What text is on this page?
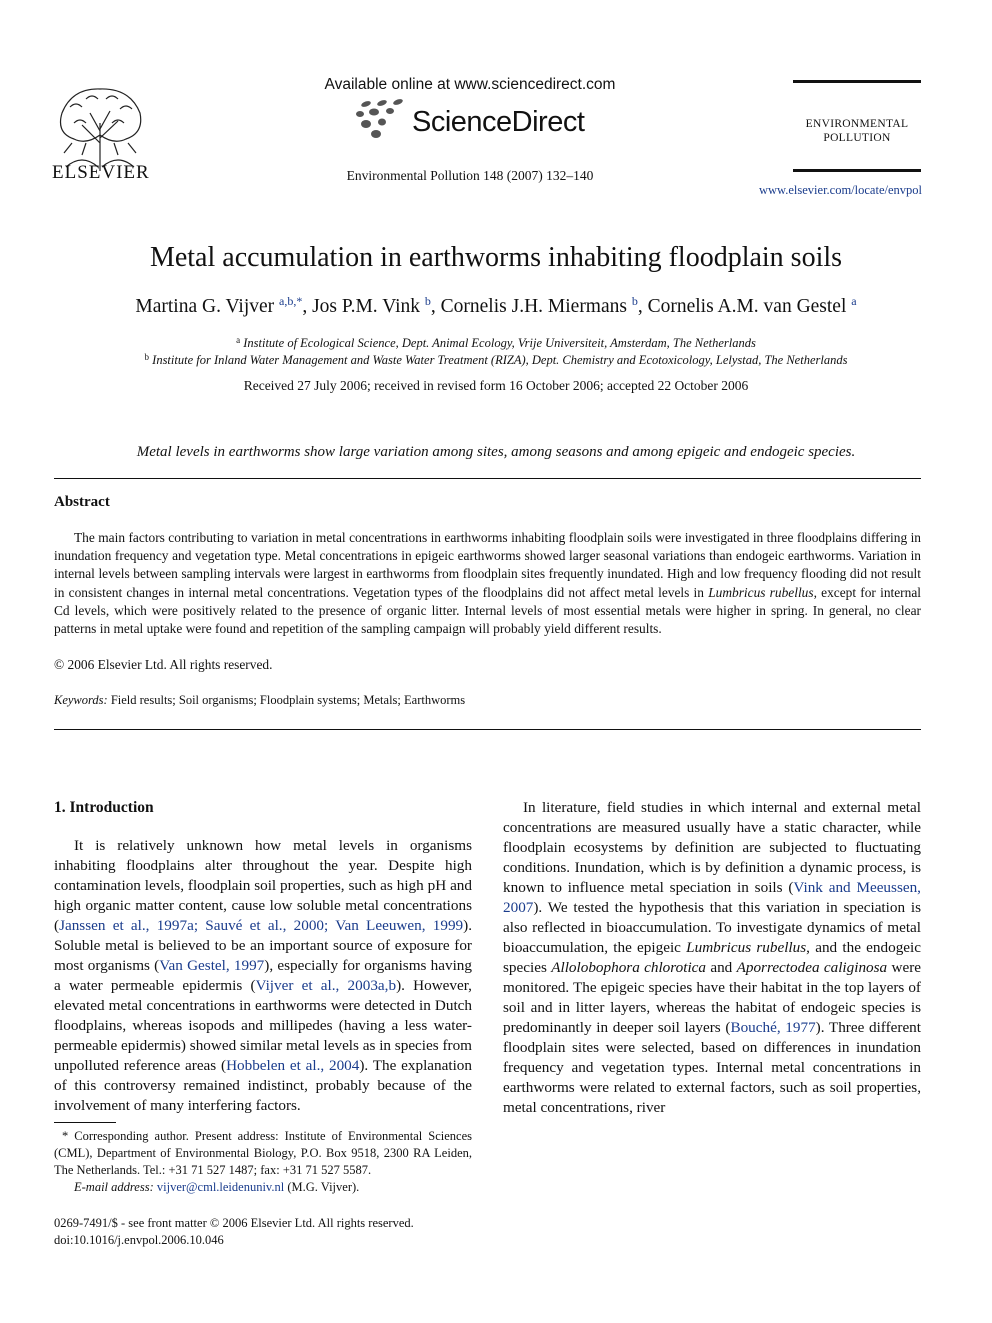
ELSEVIER
Available online at www.sciencedirect.com
ScienceDirect
Environmental Pollution 148 (2007) 132–140
ENVIRONMENTAL
POLLUTION
www.elsevier.com/locate/envpol
Metal accumulation in earthworms inhabiting floodplain soils
Martina G. Vijver $^{a,b,*}$, Jos P.M. Vink $^b$, Cornelis J.H. Miermans $^b$, Cornelis A.M. van Gestel $^a$
$^a$ Institute of Ecological Science, Dept. Animal Ecology, Vrije Universiteit, Amsterdam, The Netherlands
$^b$ Institute for Inland Water Management and Waste Water Treatment (RIZA), Dept. Chemistry and Ecotoxicology, Lelystad, The Netherlands
Received 27 July 2006; received in revised form 16 October 2006; accepted 22 October 2006
Metal levels in earthworms show large variation among sites, among seasons and among epigeic and endogeic species.
Abstract
The main factors contributing to variation in metal concentrations in earthworms inhabiting floodplain soils were investigated in three floodplains differing in inundation frequency and vegetation type. Metal concentrations in epigeic earthworms showed larger seasonal variations than endogeic earthworms. Variation in internal levels between sampling intervals were largest in earthworms from floodplain sites frequently inundated. High and low frequency flooding did not result in consistent changes in internal metal concentrations. Vegetation types of the floodplains did not affect metal levels in Lumbricus rubellus, except for internal Cd levels, which were positively related to the presence of organic litter. Internal levels of most essential metals were higher in spring. In general, no clear patterns in metal uptake were found and repetition of the sampling campaign will probably yield different results.
© 2006 Elsevier Ltd. All rights reserved.
Keywords: Field results; Soil organisms; Floodplain systems; Metals; Earthworms
1. Introduction

It is relatively unknown how metal levels in organisms inhabiting floodplains alter throughout the year. Despite high contamination levels, floodplain soil properties, such as high pH and high organic matter content, cause low soluble metal concentrations (Janssen et al., 1997a; Sauvé et al., 2000; Van Leeuwen, 1999). Soluble metal is believed to be an important source of exposure for most organisms (Van Gestel, 1997), especially for organisms having a water permeable epidermis (Vijver et al., 2003a,b). However, elevated metal concentrations in earthworms were detected in Dutch floodplains, whereas isopods and millipedes (having a less water-permeable epidermis) showed similar metal levels as in species from unpolluted reference areas (Hobbelen et al., 2004). The explanation of this controversy remained indistinct, probably because of the involvement of many interfering factors.

In literature, field studies in which internal and external metal concentrations are measured usually have a static character, while floodplain ecosystems by definition are subjected to fluctuating conditions. Inundation, which is by definition a dynamic process, is known to influence metal speciation in soils (Vink and Meeussen, 2007). We tested the hypothesis that this variation in speciation is also reflected in bioaccumulation. To investigate dynamics of metal bioaccumulation, the epigeic Lumbricus rubellus, and the endogeic species Allolobophora chlorotica and Aporrectodea caliginosa were monitored. The epigeic species have their habitat in the top layers of soil and in litter layers, whereas the habitat of endogeic species is predominantly in deeper soil layers (Bouché, 1977). Three different floodplain sites were selected, based on differences in inundation frequency and vegetation types. Internal metal concentrations in earthworms were related to external factors, such as soil properties, metal concentrations, river

* Corresponding author. Present address: Institute of Environmental Sciences (CML), Department of Environmental Biology, P.O. Box 9518, 2300 RA Leiden, The Netherlands. Tel.: +31 71 527 1487; fax: +31 71 527 5587.

E-mail address: vijver@cml.leidenuniv.nl (M.G. Vijver).

0269-7491/$ - see front matter © 2006 Elsevier Ltd. All rights reserved.
doi:10.1016/j.envpol.2006.10.046
